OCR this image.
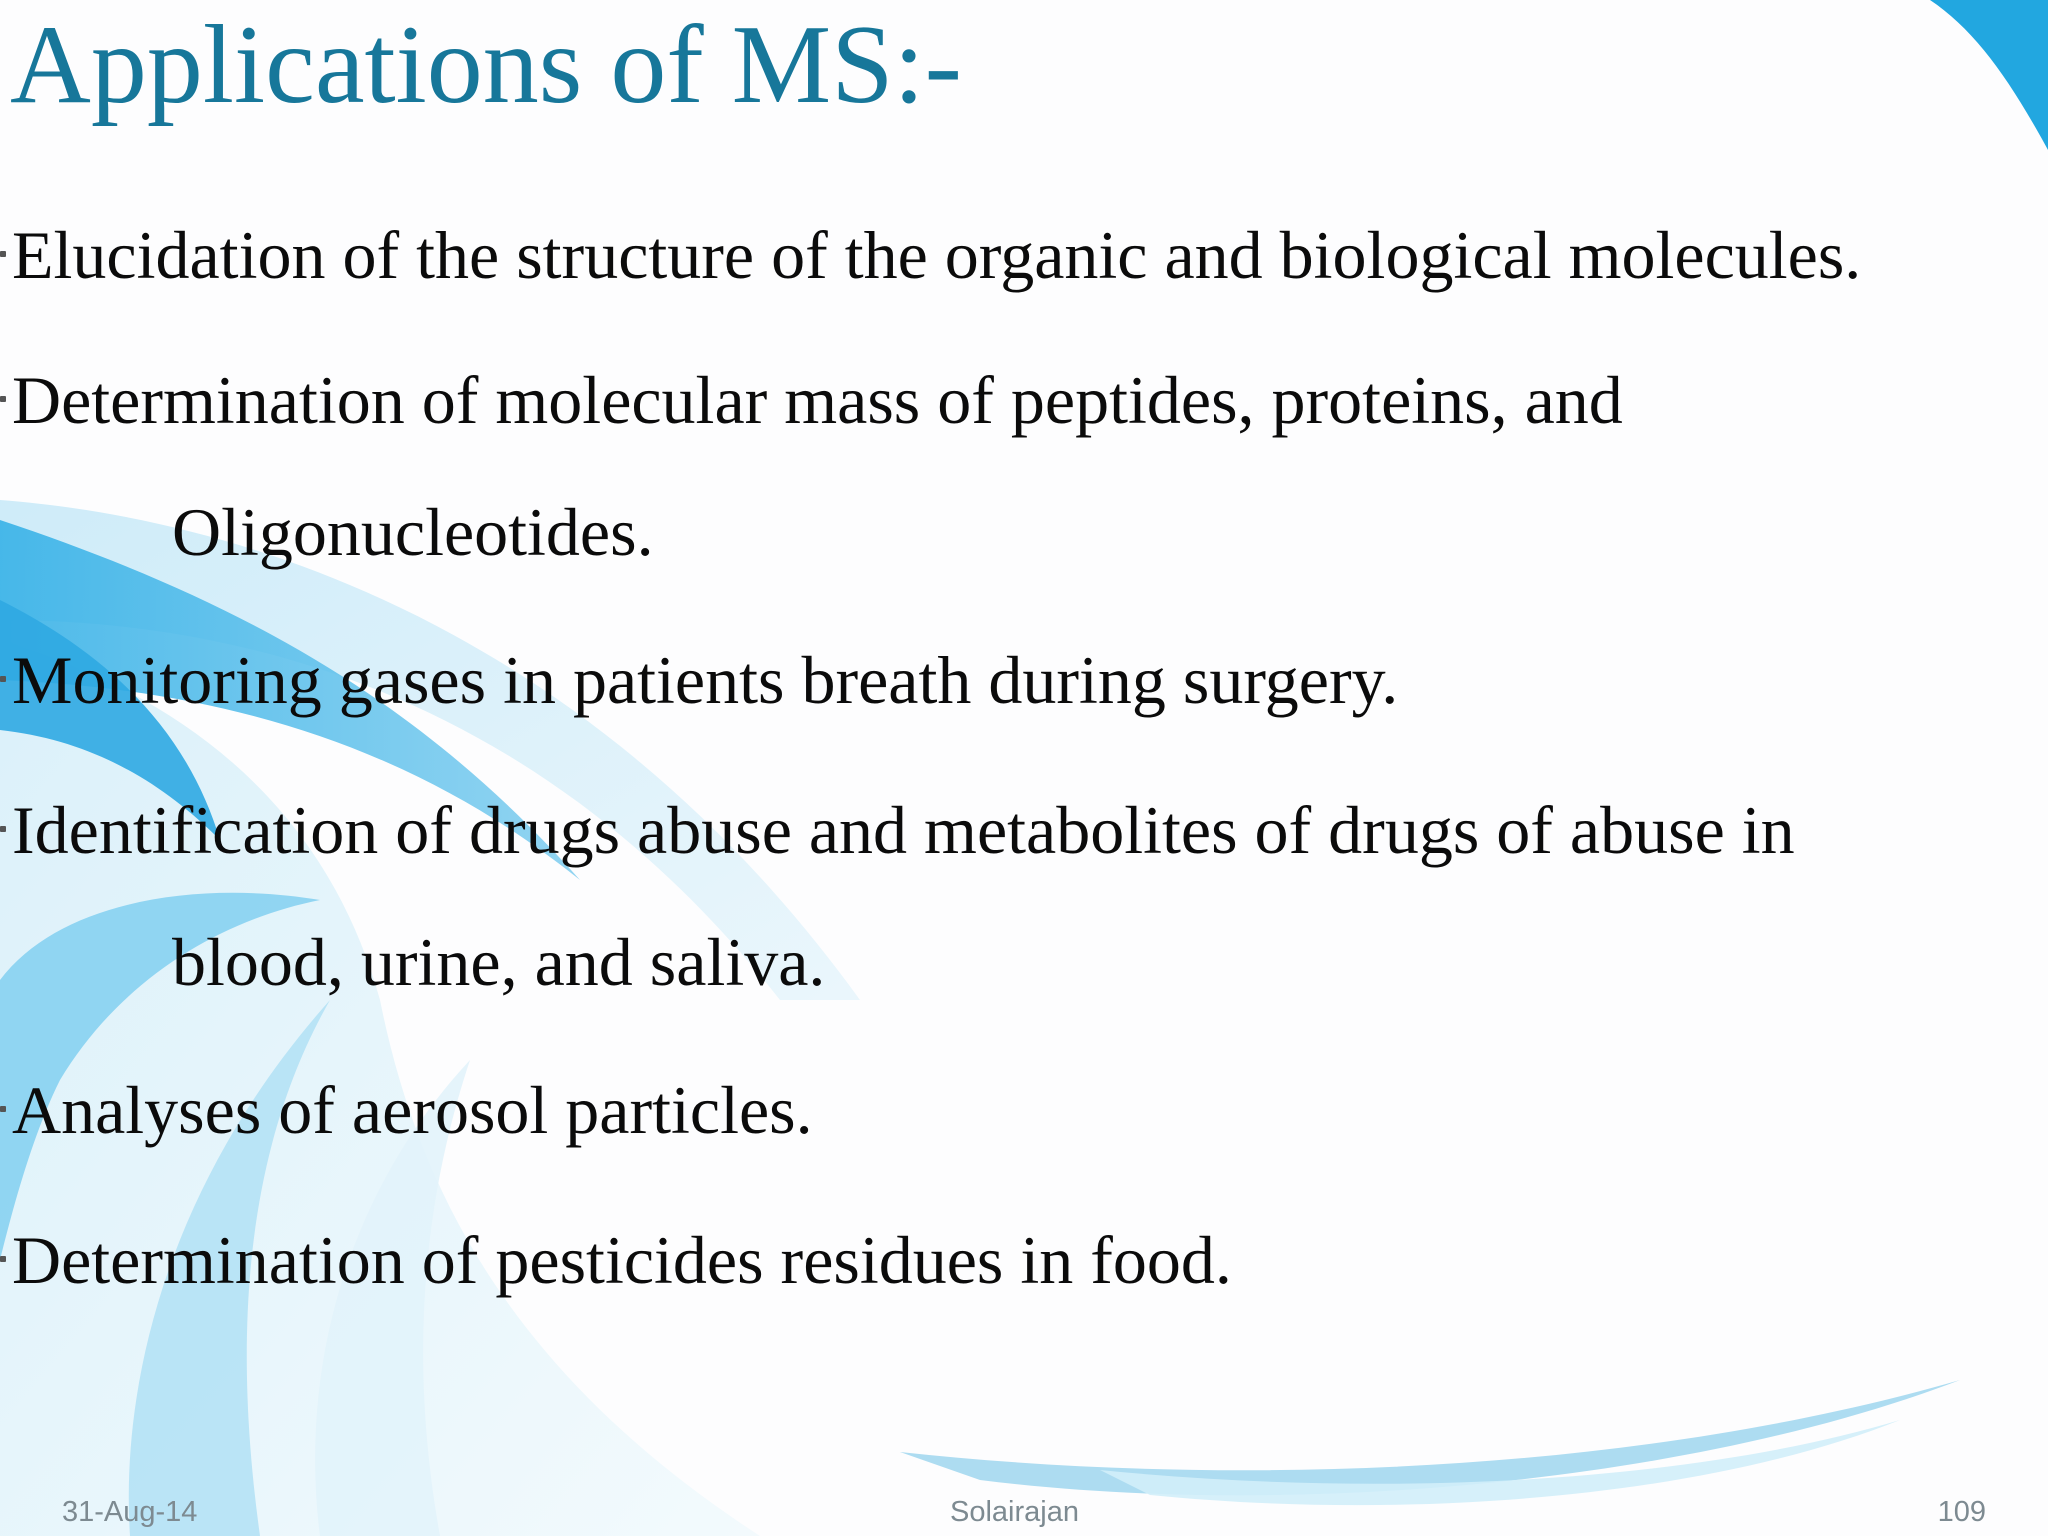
Applications of MS:-
Elucidation of the structure of the organic and biological molecules.
Determination of molecular mass of peptides, proteins, and
Oligonucleotides.
Monitoring gases in patients breath during surgery.
Identification of drugs abuse and metabolites of drugs of abuse in
blood, urine, and saliva.
Analyses of aerosol particles.
Determination of pesticides residues in food.
31-Aug-14	Solairajan	109
